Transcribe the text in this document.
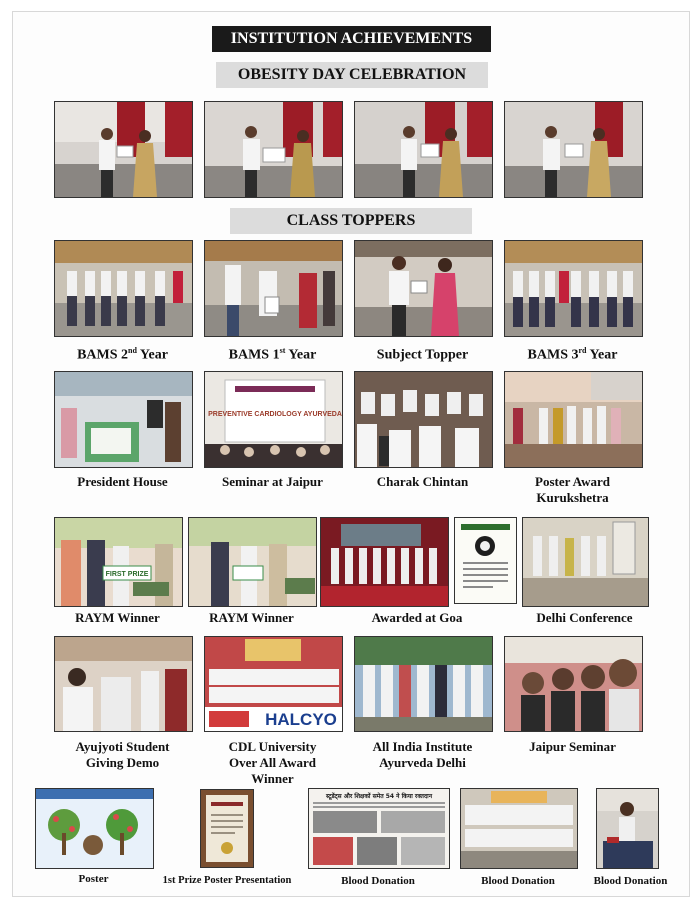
INSTITUTION ACHIEVEMENTS
OBESITY DAY CELEBRATION
CLASS TOPPERS
BAMS 2nd Year	BAMS 1st Year	Subject Topper	BAMS 3rd Year
PREVENTIVE CARDIOLOGY AYURVEDA
President House	Seminar at Jaipur	Charak Chintan	Poster Award
Kurukshetra
FIRST PRIZE
RAYM Winner	RAYM Winner	Awarded at Goa	Delhi Conference
HALCYO
Ayujyoti Student
Giving Demo
CDL University
Over All Award
Winner
All India Institute
Ayurveda Delhi
Jaipur Seminar
स्टूडेंट्स और शिक्षकों समेत 54 ने किया रक्तदान
Poster	1st Prize Poster Presentation	Blood Donation	Blood Donation	Blood Donation
